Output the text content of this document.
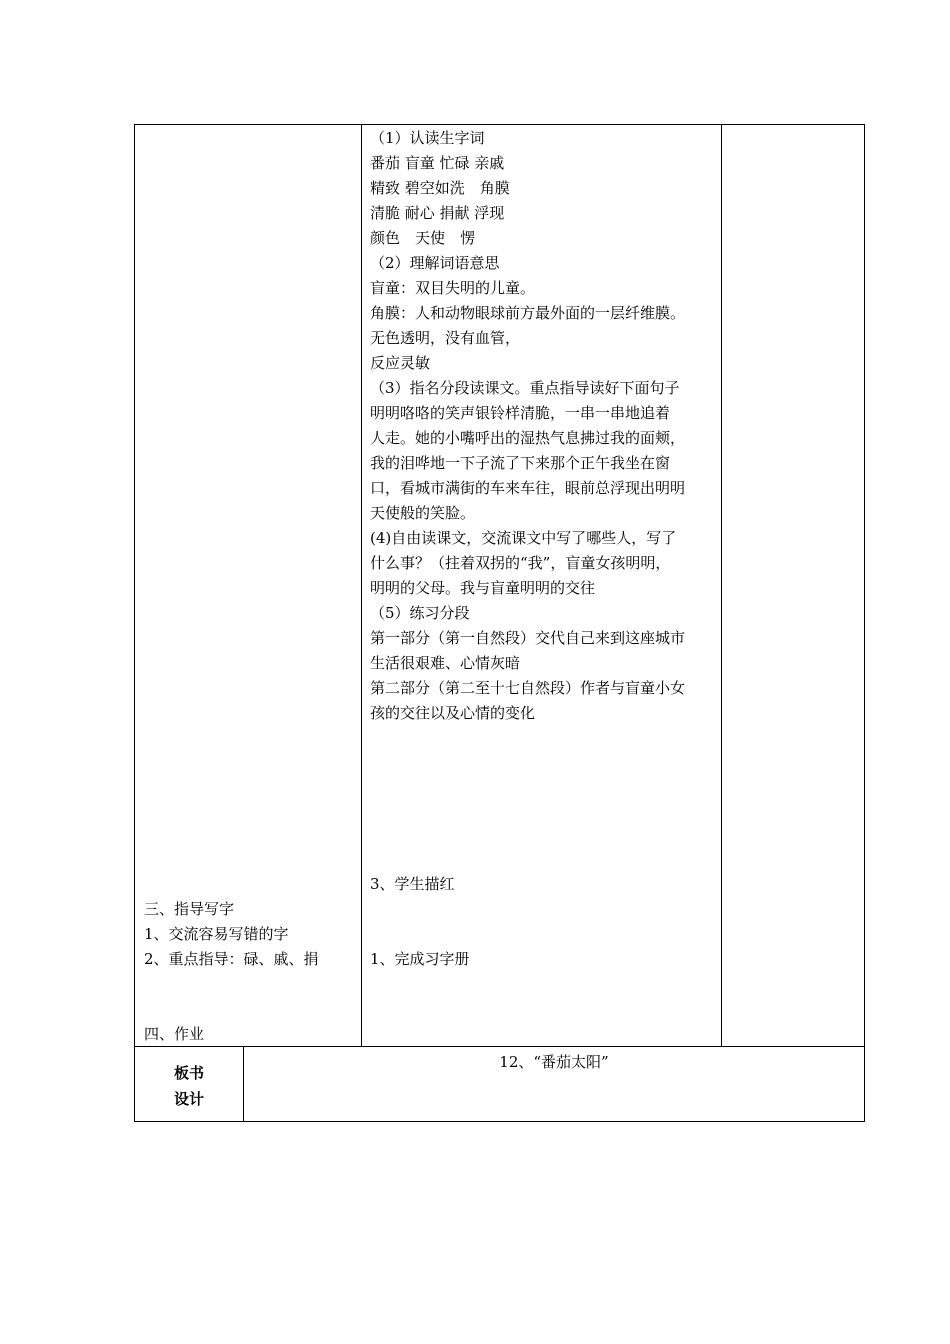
（1）认读生字词
番茄 盲童 忙碌 亲戚
精致 碧空如洗　角膜
清脆 耐心 捐献 浮现
颜色　天使　愣
（2）理解词语意思
盲童：双目失明的儿童。
角膜：人和动物眼球前方最外面的一层纤维膜。
无色透明，没有血管，
反应灵敏
（3）指名分段读课文。重点指导读好下面句子
明明咯咯的笑声银铃样清脆，一串一串地追着
人走。她的小嘴呼出的湿热气息拂过我的面颊，
我的泪哗地一下子流了下来那个正午我坐在窗
口，看城市满街的车来车往，眼前总浮现出明明
天使般的笑脸。
(4)自由读课文，交流课文中写了哪些人，写了
什么事？（拄着双拐的“我”，盲童女孩明明，
明明的父母。我与盲童明明的交往
（5）练习分段
第一部分（第一自然段）交代自己来到这座城市
生活很艰难、心情灰暗
第二部分（第二至十七自然段）作者与盲童小女
孩的交往以及心情的变化
3、学生描红
1、完成习字册
三、指导写字
1、交流容易写错的字
2、重点指导：碌、戚、捐
四、作业
板书
设计
12、“番茄太阳”
